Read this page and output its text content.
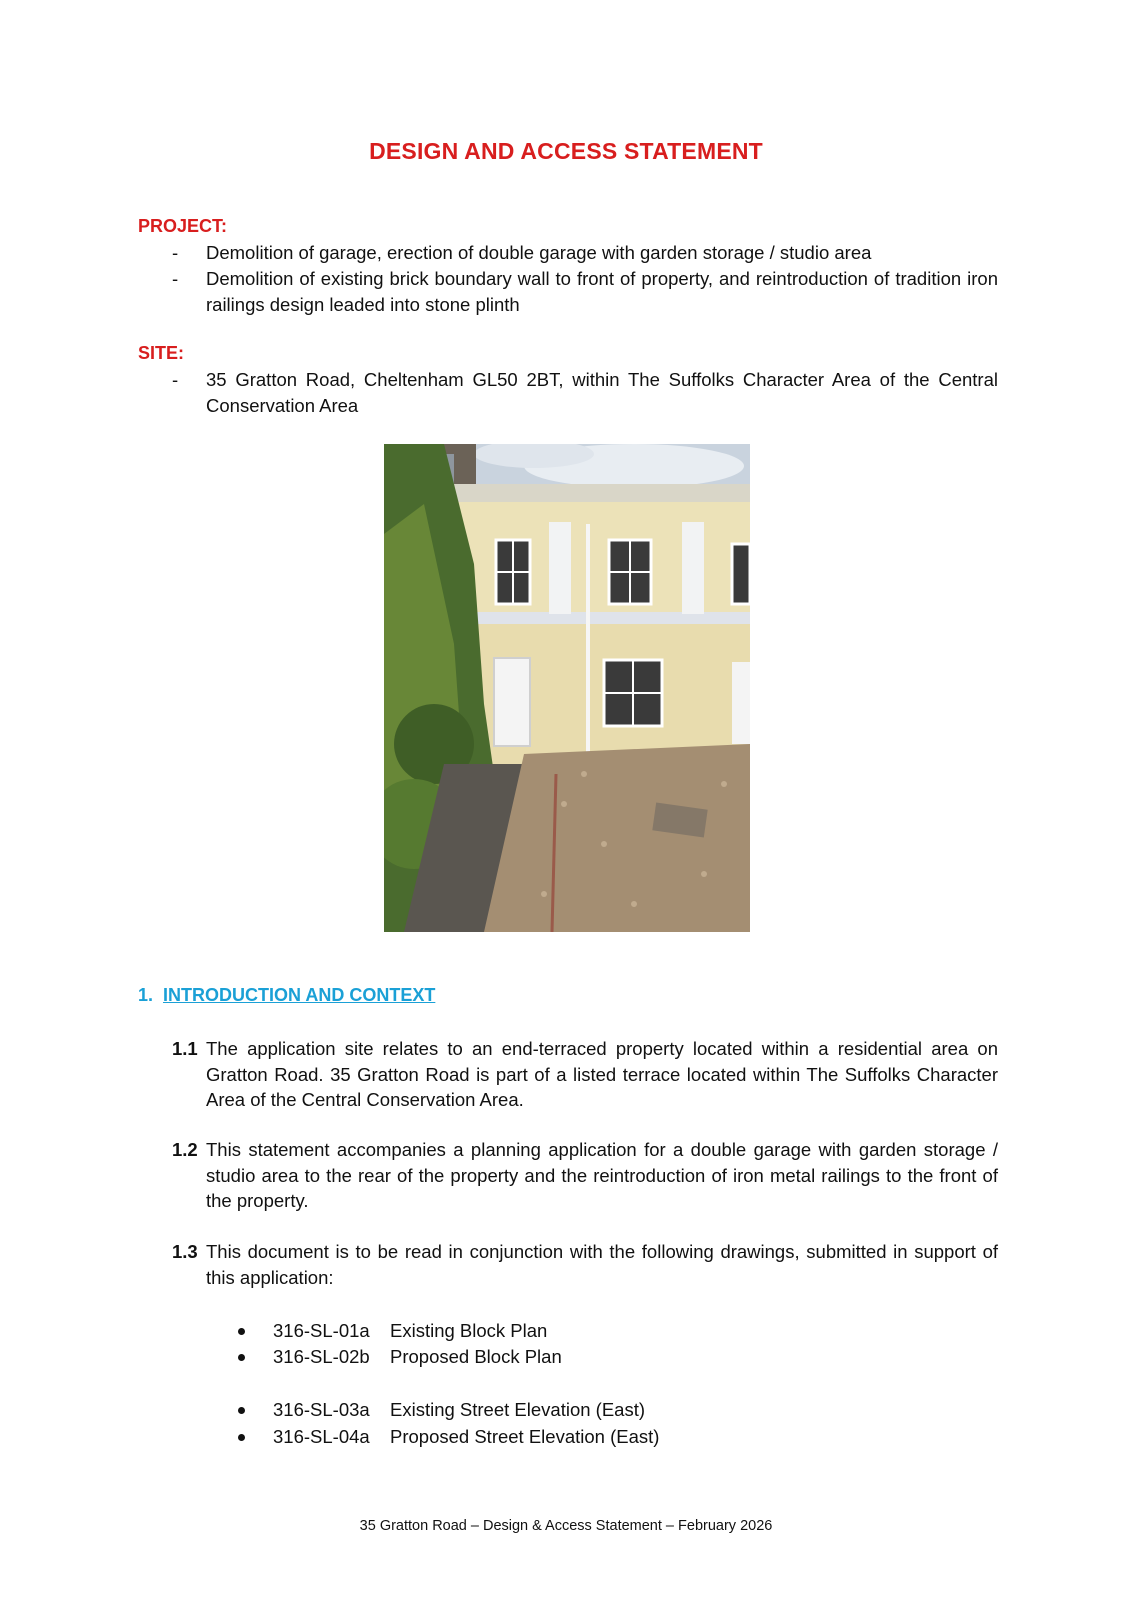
DESIGN AND ACCESS STATEMENT
PROJECT:
-	Demolition of garage, erection of double garage with garden storage / studio area
-	Demolition of existing brick boundary wall to front of property, and reintroduction of tradition iron railings design leaded into stone plinth
SITE:
-	35 Gratton Road, Cheltenham GL50 2BT, within The Suffolks Character Area of the Central Conservation Area
1. INTRODUCTION AND CONTEXT
1.1 The application site relates to an end-terraced property located within a residential area on Gratton Road. 35 Gratton Road is part of a listed terrace located within The Suffolks Character Area of the Central Conservation Area.
1.2 This statement accompanies a planning application for a double garage with garden storage / studio area to the rear of the property and the reintroduction of iron metal railings to the front of the property.
1.3 This document is to be read in conjunction with the following drawings, submitted in support of this application:
316-SL-01a Existing Block Plan
316-SL-02b Proposed Block Plan
316-SL-03a Existing Street Elevation (East)
316-SL-04a Proposed Street Elevation (East)
35 Gratton Road – Design & Access Statement – February 2026
